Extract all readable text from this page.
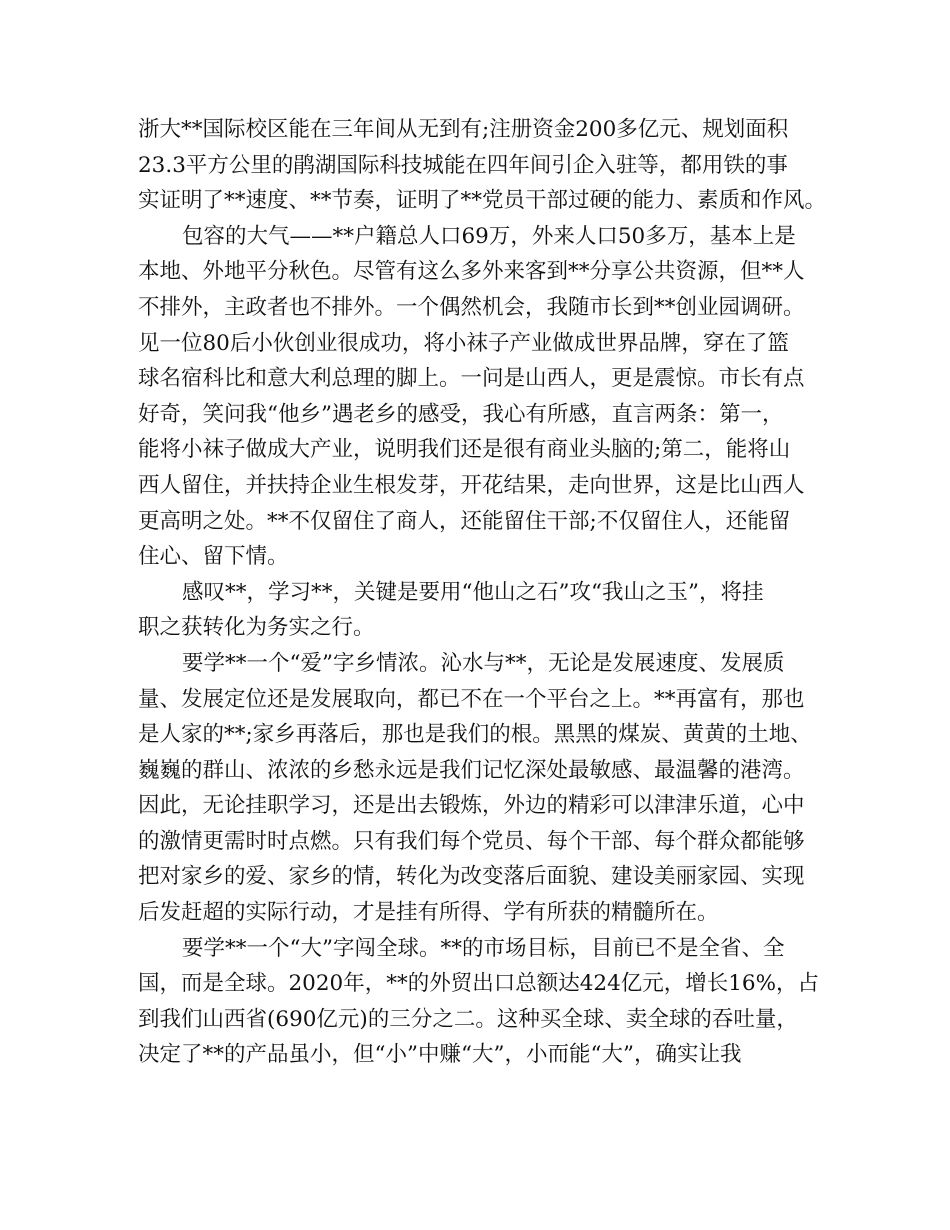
浙大**国际校区能在三年间从无到有;注册资金200多亿元、规划面积
23.3平方公里的鹃湖国际科技城能在四年间引企入驻等，都用铁的事
实证明了**速度、**节奏，证明了**党员干部过硬的能力、素质和作风。
包容的大气——**户籍总人口69万，外来人口50多万，基本上是
本地、外地平分秋色。尽管有这么多外来客到**分享公共资源，但**人
不排外，主政者也不排外。一个偶然机会，我随市长到**创业园调研。
见一位80后小伙创业很成功，将小袜子产业做成世界品牌，穿在了篮
球名宿科比和意大利总理的脚上。一问是山西人，更是震惊。市长有点
好奇，笑问我“他乡”遇老乡的感受，我心有所感，直言两条：第一，
能将小袜子做成大产业，说明我们还是很有商业头脑的;第二，能将山
西人留住，并扶持企业生根发芽，开花结果，走向世界，这是比山西人
更高明之处。**不仅留住了商人，还能留住干部;不仅留住人，还能留
住心、留下情。
感叹**，学习**，关键是要用“他山之石”攻“我山之玉”，将挂
职之获转化为务实之行。
要学**一个“爱”字乡情浓。沁水与**，无论是发展速度、发展质
量、发展定位还是发展取向，都已不在一个平台之上。**再富有，那也
是人家的**;家乡再落后，那也是我们的根。黑黑的煤炭、黄黄的土地、
巍巍的群山、浓浓的乡愁永远是我们记忆深处最敏感、最温馨的港湾。
因此，无论挂职学习，还是出去锻炼，外边的精彩可以津津乐道，心中
的激情更需时时点燃。只有我们每个党员、每个干部、每个群众都能够
把对家乡的爱、家乡的情，转化为改变落后面貌、建设美丽家园、实现
后发赶超的实际行动，才是挂有所得、学有所获的精髓所在。
要学**一个“大”字闯全球。**的市场目标，目前已不是全省、全
国，而是全球。2020年，**的外贸出口总额达424亿元，增长16%，占
到我们山西省(690亿元)的三分之二。这种买全球、卖全球的吞吐量，
决定了**的产品虽小，但“小”中赚“大”，小而能“大”，确实让我
